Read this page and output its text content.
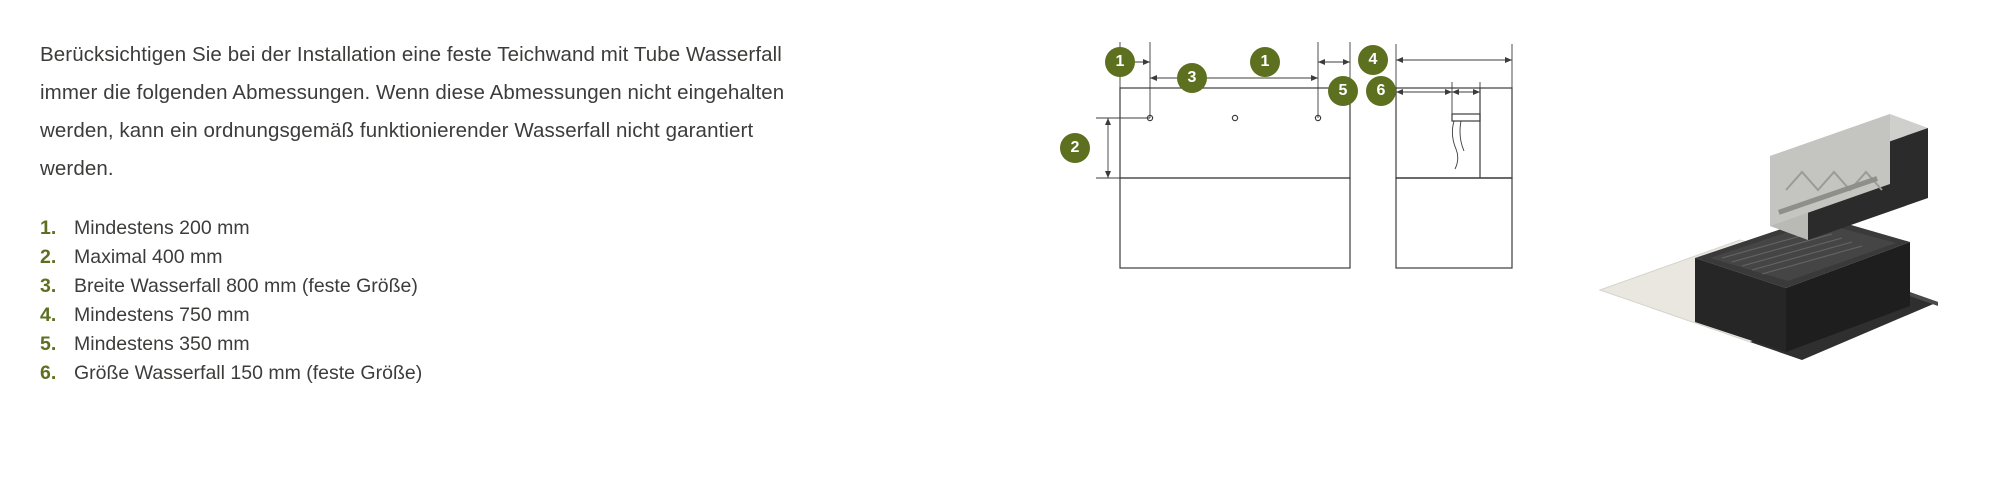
Berücksichtigen Sie bei der Installation eine feste Teichwand mit Tube Wasserfall immer die folgenden Abmessungen. Wenn diese Abmessungen nicht eingehalten werden, kann ein ordnungsgemäß funktionierender Wasserfall nicht garantiert werden.

1. Mindestens 200 mm
2. Maximal 400 mm
3. Breite Wasserfall 800 mm (feste Größe)
4. Mindestens 750 mm
5. Mindestens 350 mm
6. Größe Wasserfall 150 mm (feste Größe)
1
3
1
2
4
5	6
